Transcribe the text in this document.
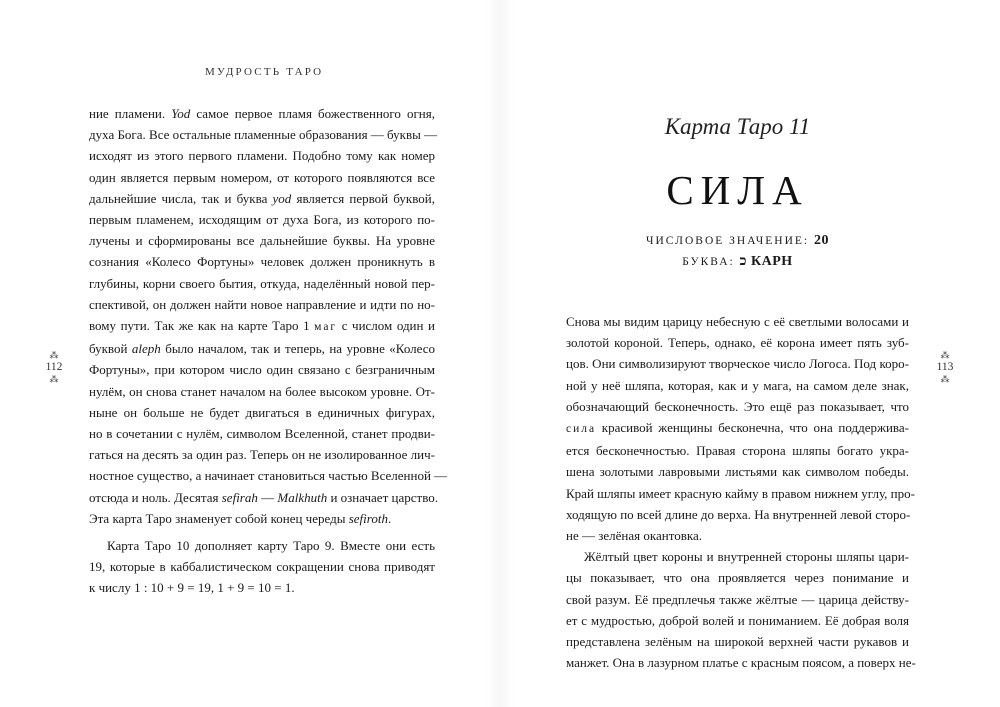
МУДРОСТЬ ТАРО
⁂
112
⁂
ние пламени. Yod самое первое пламя божественного огня,
духа Бога. Все остальные пламенные образования — буквы —
исходят из этого первого пламени. Подобно тому как номер
один является первым номером, от которого появляются все
дальнейшие числа, так и буква yod является первой буквой,
первым пламенем, исходящим от духа Бога, из которого по-
лучены и сформированы все дальнейшие буквы. На уровне
сознания «Колесо Фортуны» человек должен проникнуть в
глубины, корни своего бытия, откуда, наделённый новой пер-
спективой, он должен найти новое направление и идти по но-
вому пути. Так же как на карте Таро 1 маг с числом один и
буквой aleph было началом, так и теперь, на уровне «Колесо
Фортуны», при котором число один связано с безграничным
нулём, он снова станет началом на более высоком уровне. От-
ныне он больше не будет двигаться в единичных фигурах,
но в сочетании с нулём, символом Вселенной, станет продви-
гаться на десять за один раз. Теперь он не изолированное лич-
ностное существо, а начинает становиться частью Вселенной —
отсюда и ноль. Десятая sefirah — Malkhuth и означает царство.
Эта карта Таро знаменует собой конец череды sefiroth.
Карта Таро 10 дополняет карту Таро 9. Вместе они есть
19, которые в каббалистическом сокращении снова приводят
к числу 1 : 10 + 9 = 19, 1 + 9 = 10 = 1.
Карта Таро 11
СИЛА
ЧИСЛОВОЕ ЗНАЧЕНИЕ: 20
БУКВА: כ КАРН
⁂
113
⁂
Снова мы видим царицу небесную с её светлыми волосами и
золотой короной. Теперь, однако, её корона имеет пять зуб-
цов. Они символизируют творческое число Логоса. Под коро-
ной у неё шляпа, которая, как и у мага, на самом деле знак,
обозначающий бесконечность. Это ещё раз показывает, что
сила красивой женщины бесконечна, что она поддержива-
ется бесконечностью. Правая сторона шляпы богато укра-
шена золотыми лавровыми листьями как символом победы.
Край шляпы имеет красную кайму в правом нижнем углу, про-
ходящую по всей длине до верха. На внутренней левой сторо-
не — зелёная окантовка.
Жёлтый цвет короны и внутренней стороны шляпы цари-
цы показывает, что она проявляется через понимание и
свой разум. Её предплечья также жёлтые — царица действу-
ет с мудростью, доброй волей и пониманием. Её добрая воля
представлена зелёным на широкой верхней части рукавов и
манжет. Она в лазурном платье с красным поясом, а поверх не-
